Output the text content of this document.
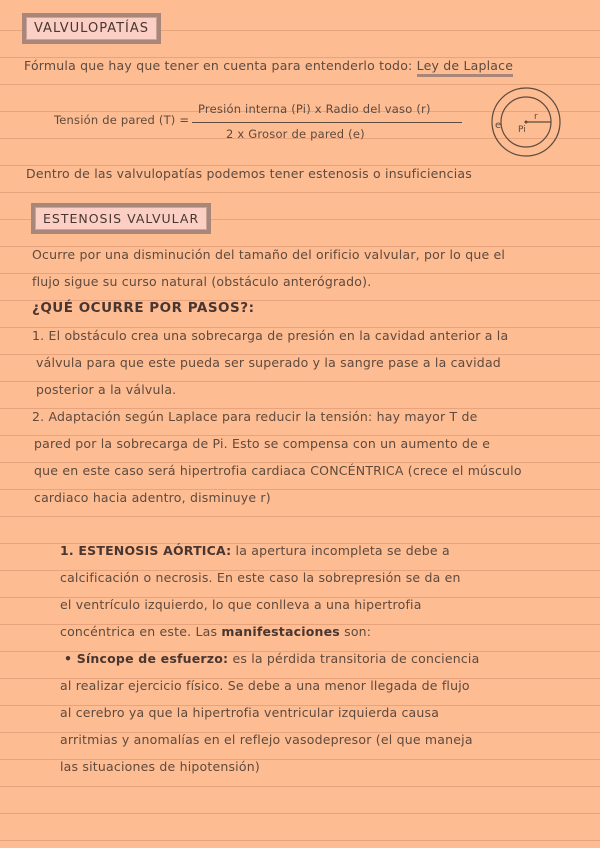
VALVULOPATÍAS
Fórmula que hay que tener en cuenta para entenderlo todo: Ley de Laplace
Tensión de pared (T) =
Presión interna (Pi) x Radio del vaso (r)
2 x Grosor de pared (e)
e Pi
r
Dentro de las valvulopatías podemos tener estenosis o insuficiencias
ESTENOSIS VALVULAR
Ocurre por una disminución del tamaño del orificio valvular, por lo que el
flujo sigue su curso natural (obstáculo anterógrado).
¿QUÉ OCURRE POR PASOS?:
1. El obstáculo crea una sobrecarga de presión en la cavidad anterior a la
válvula para que este pueda ser superado y la sangre pase a la cavidad
posterior a la válvula.
2. Adaptación según Laplace para reducir la tensión: hay mayor T de
pared por la sobrecarga de Pi. Esto se compensa con un aumento de e
que en este caso será hipertrofia cardiaca CONCÉNTRICA (crece el músculo
cardiaco hacia adentro, disminuye r)
1. ESTENOSIS AÓRTICA: la apertura incompleta se debe a
calcificación o necrosis. En este caso la sobrepresión se da en
el ventrículo izquierdo, lo que conlleva a una hipertrofia
concéntrica en este. Las manifestaciones son:
• Síncope de esfuerzo: es la pérdida transitoria de conciencia
al realizar ejercicio físico. Se debe a una menor llegada de flujo
al cerebro ya que la hipertrofia ventricular izquierda causa
arritmias y anomalías en el reflejo vasodepresor (el que maneja
las situaciones de hipotensión)
